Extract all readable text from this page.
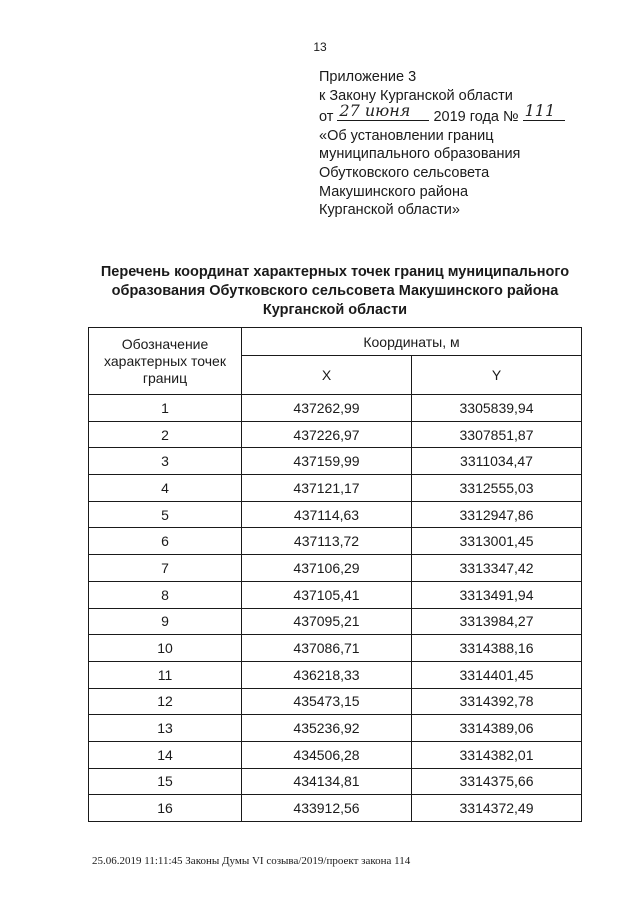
13
Приложение 3
к Закону Курганской области
от 27 июня 2019 года № 111
«Об установлении границ
муниципального образования
Обутковского сельсовета
Макушинского района
Курганской области»
Перечень координат характерных точек границ муниципального
образования Обутковского сельсовета Макушинского района
Курганской области
Обозначение характерных точек границ	Координаты, м	
	X	Y
1	437262,99	3305839,94
2	437226,97	3307851,87
3	437159,99	3311034,47
4	437121,17	3312555,03
5	437114,63	3312947,86
6	437113,72	3313001,45
7	437106,29	3313347,42
8	437105,41	3313491,94
9	437095,21	3313984,27
10	437086,71	3314388,16
11	436218,33	3314401,45
12	435473,15	3314392,78
13	435236,92	3314389,06
14	434506,28	3314382,01
15	434134,81	3314375,66
16	433912,56	3314372,49
25.06.2019 11:11:45 Законы Думы VI созыва/2019/проект закона 114
